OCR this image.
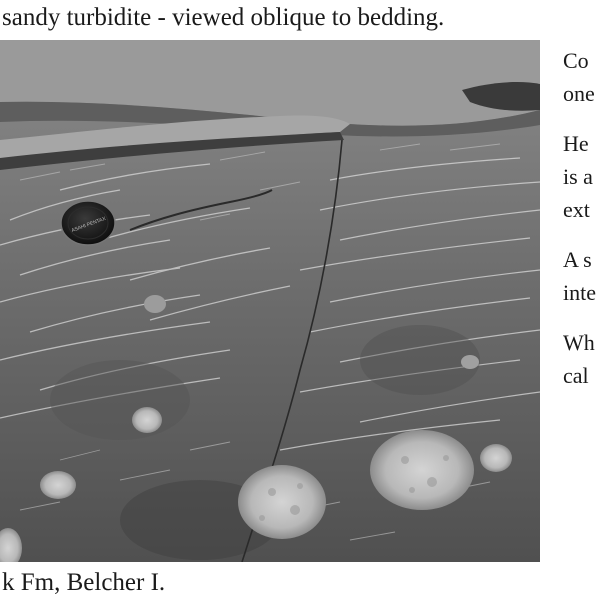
sandy turbidite - viewed oblique to bedding.
ASAHI PENTAX
Co
one
He
is a
ext
A s
inte
Wh
cal
k Fm, Belcher I.
